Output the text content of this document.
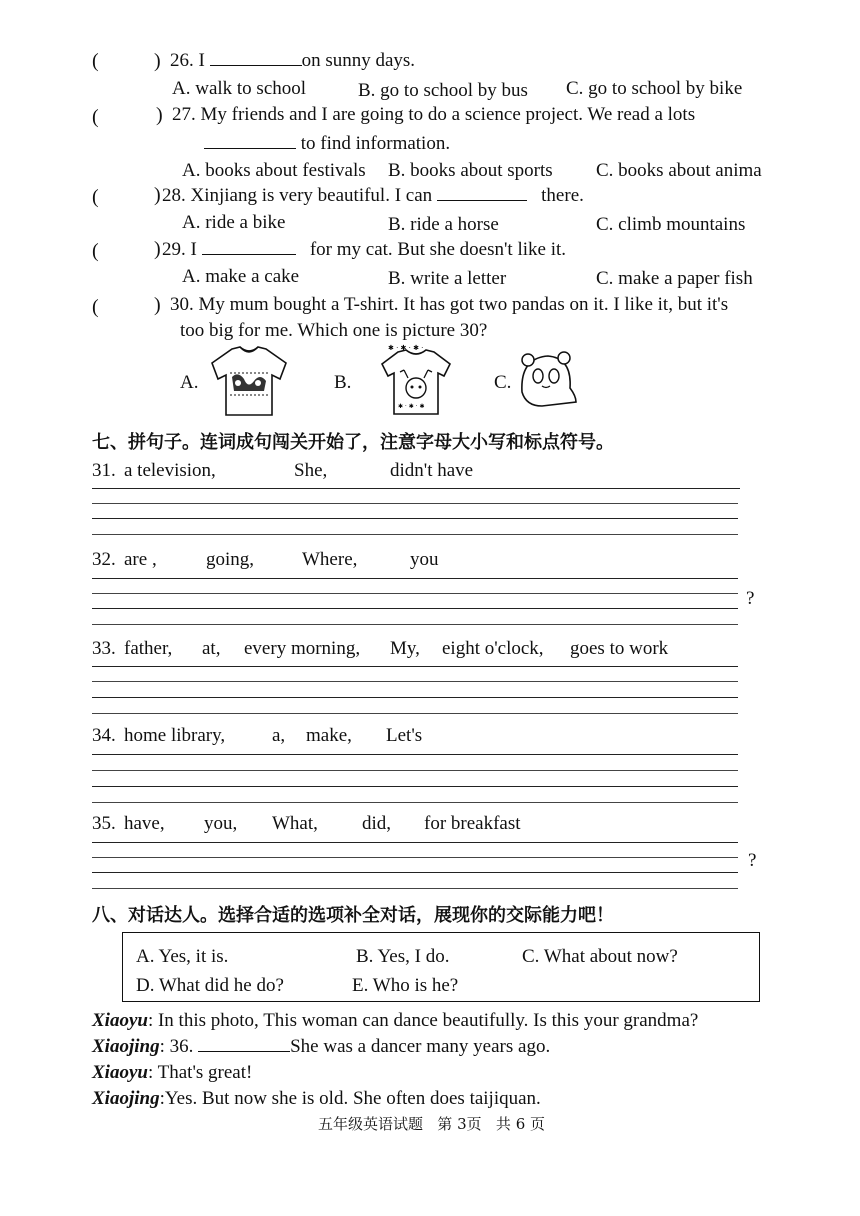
(	) 26. I	on sunny days.
A. walk to school	B. go to school by bus C. go to school by bike
(	) 27. My friends and I are going to do a science project. We read a lots
to find information.
A. books about festivals B. books about sports C. books about anima
(	) 28. Xinjiang is very beautiful. I can	there.
A. ride a bike	B. ride a horse	C. climb mountains
(	) 29. I	for my cat. But she doesn't like it.
A. make a cake	B. write a letter	C. make a paper fish
(	) 30. My mum bought a T-shirt. It has got two pandas on it. I like it, but it's
too big for me. Which one is picture 30?
A.	B.
✱ · ✱ · ✱ ·
✱ · ✱ · ✱
C.
七、拼句子。连词成句闯关开始了，注意字母大小写和标点符号。
31. a television,	She,	didn't have
32. are ,	going,	Where,	you
?
33. father, at, every morning, My, eight o'clock, goes to work
34. home library, a, make, Let's
35. have, you, What, did, for breakfast
?
八、对话达人。选择合适的选项补全对话，展现你的交际能力吧！
A. Yes, it is.	B. Yes, I do.	C. What about now?
D. What did he do?	E. Who is he?
Xiaoyu: In this photo, This woman can dance beautifully. Is this your grandma?
Xiaojing: 36.	She was a dancer many years ago.
Xiaoyu: That's great!
Xiaojing:Yes. But now she is old. She often does taijiquan.
五年级英语试题   第 3页   共 6 页
